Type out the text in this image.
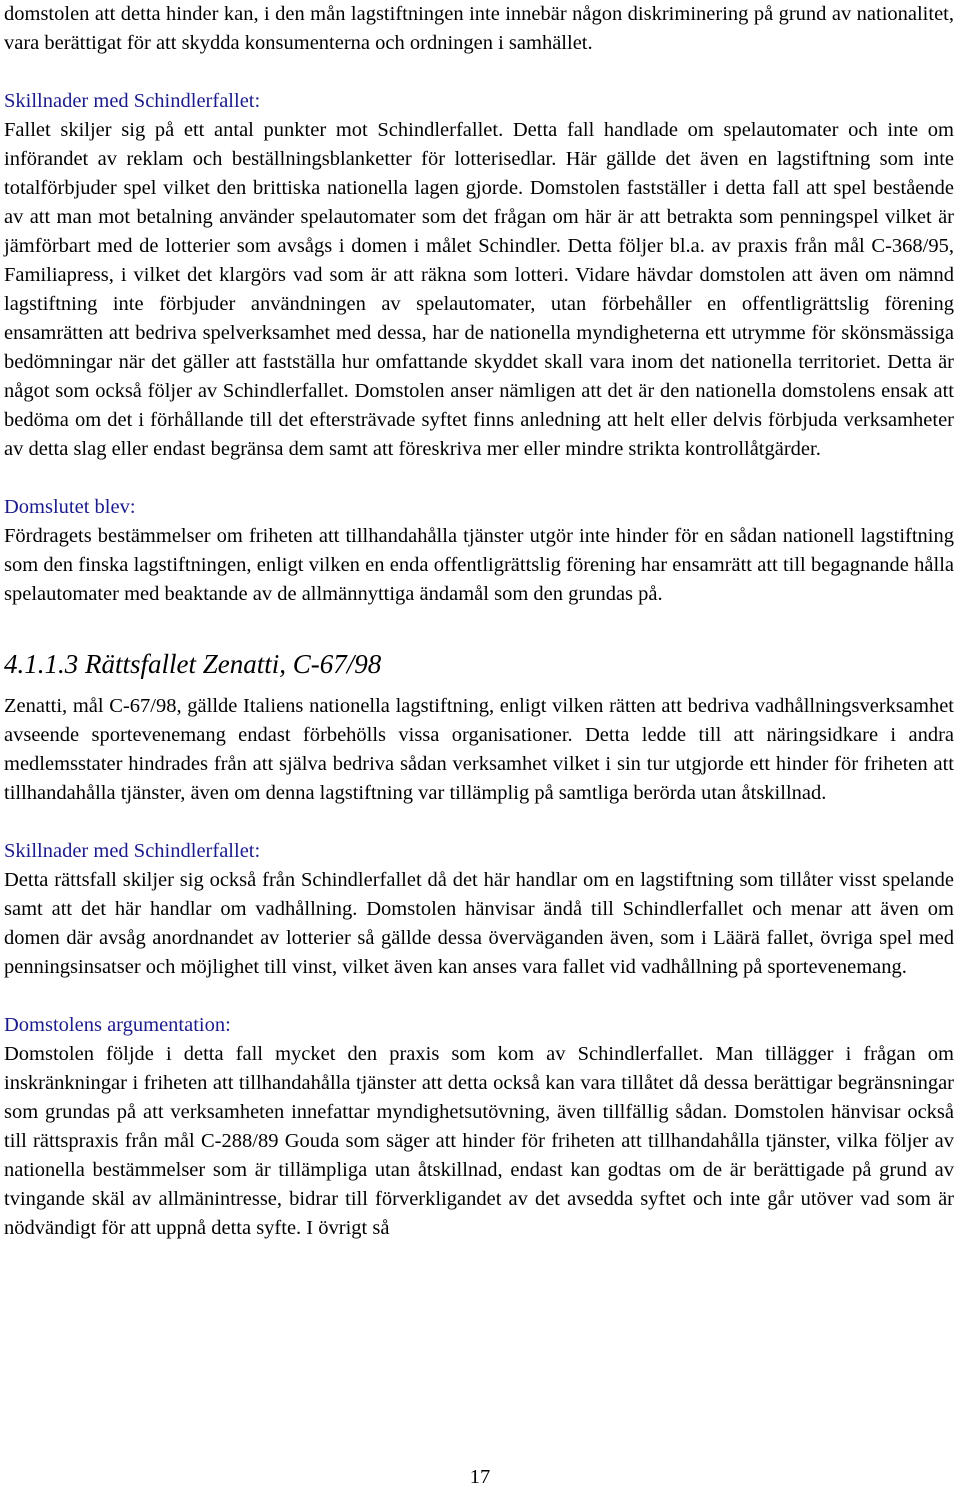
domstolen att detta hinder kan, i den mån lagstiftningen inte innebär någon diskriminering på grund av nationalitet, vara berättigat för att skydda konsumenterna och ordningen i samhället.

Skillnader med Schindlerfallet:

Fallet skiljer sig på ett antal punkter mot Schindlerfallet. Detta fall handlade om spelautomater och inte om införandet av reklam och beställningsblanketter för lotterisedlar. Här gällde det även en lagstiftning som inte totalförbjuder spel vilket den brittiska nationella lagen gjorde. Domstolen fastställer i detta fall att spel bestående av att man mot betalning använder spelautomater som det frågan om här är att betrakta som penningspel vilket är jämförbart med de lotterier som avsågs i domen i målet Schindler. Detta följer bl.a. av praxis från mål C-368/95, Familiapress, i vilket det klargörs vad som är att räkna som lotteri. Vidare hävdar domstolen att även om nämnd lagstiftning inte förbjuder användningen av spelautomater, utan förbehåller en offentligrättslig förening ensamrätten att bedriva spelverksamhet med dessa, har de nationella myndigheterna ett utrymme för skönsmässiga bedömningar när det gäller att fastställa hur omfattande skyddet skall vara inom det nationella territoriet. Detta är något som också följer av Schindlerfallet. Domstolen anser nämligen att det är den nationella domstolens ensak att bedöma om det i förhållande till det eftersträvade syftet finns anledning att helt eller delvis förbjuda verksamheter av detta slag eller endast begränsa dem samt att föreskriva mer eller mindre strikta kontrollåtgärder.

Domslutet blev:

Fördragets bestämmelser om friheten att tillhandahålla tjänster utgör inte hinder för en sådan nationell lagstiftning som den finska lagstiftningen, enligt vilken en enda offentligrättslig förening har ensamrätt att till begagnande hålla spelautomater med beaktande av de allmännyttiga ändamål som den grundas på.

4.1.1.3 Rättsfallet Zenatti, C-67/98

Zenatti, mål C-67/98, gällde Italiens nationella lagstiftning, enligt vilken rätten att bedriva vadhållningsverksamhet avseende sportevenemang endast förbehölls vissa organisationer. Detta ledde till att näringsidkare i andra medlemsstater hindrades från att själva bedriva sådan verksamhet vilket i sin tur utgjorde ett hinder för friheten att tillhandahålla tjänster, även om denna lagstiftning var tillämplig på samtliga berörda utan åtskillnad.

Skillnader med Schindlerfallet:

Detta rättsfall skiljer sig också från Schindlerfallet då det här handlar om en lagstiftning som tillåter visst spelande samt att det här handlar om vadhållning. Domstolen hänvisar ändå till Schindlerfallet och menar att även om domen där avsåg anordnandet av lotterier så gällde dessa överväganden även, som i Läärä fallet, övriga spel med penningsinsatser och möjlighet till vinst, vilket även kan anses vara fallet vid vadhållning på sportevenemang.

Domstolens argumentation:

Domstolen följde i detta fall mycket den praxis som kom av Schindlerfallet. Man tillägger i frågan om inskränkningar i friheten att tillhandahålla tjänster att detta också kan vara tillåtet då dessa berättigar begränsningar som grundas på att verksamheten innefattar myndighetsutövning, även tillfällig sådan. Domstolen hänvisar också till rättspraxis från mål C-288/89 Gouda som säger att hinder för friheten att tillhandahålla tjänster, vilka följer av nationella bestämmelser som är tillämpliga utan åtskillnad, endast kan godtas om de är berättigade på grund av tvingande skäl av allmänintresse, bidrar till förverkligandet av det avsedda syftet och inte går utöver vad som är nödvändigt för att uppnå detta syfte. I övrigt så

17
